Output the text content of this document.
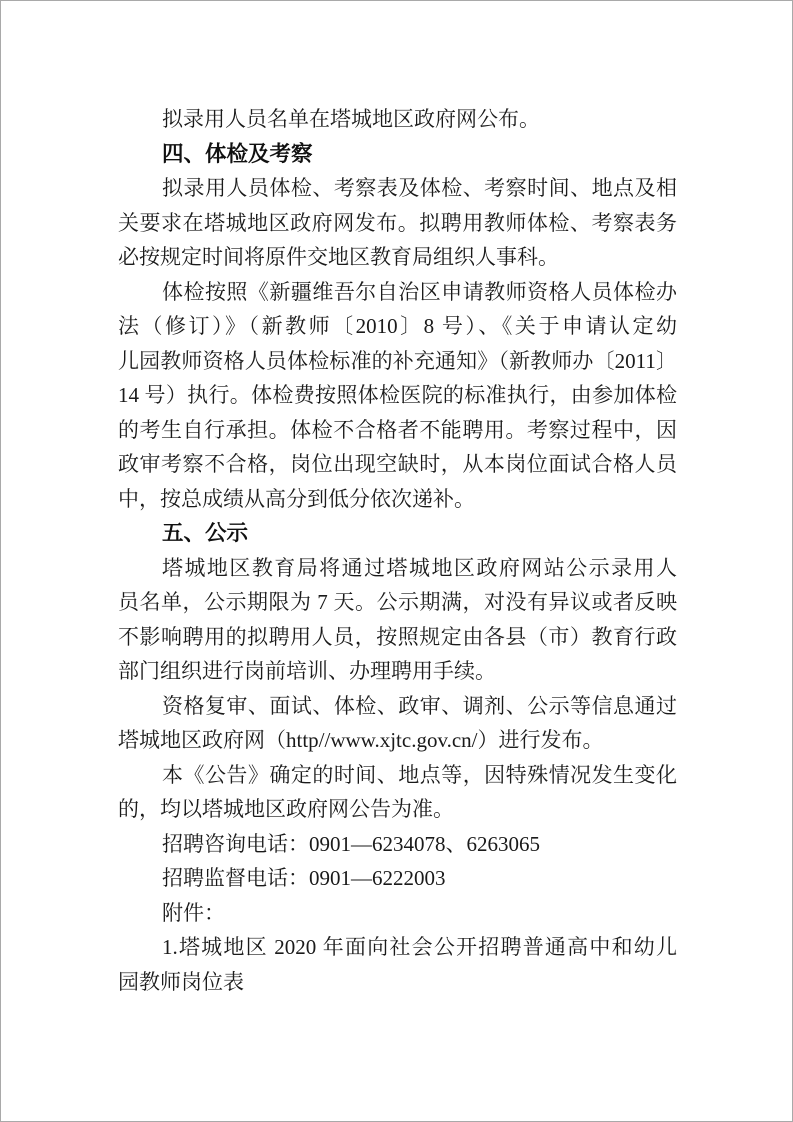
拟录用人员名单在塔城地区政府网公布。
四、体检及考察
拟录用人员体检、考察表及体检、考察时间、地点及相
关要求在塔城地区政府网发布。拟聘用教师体检、考察表务
必按规定时间将原件交地区教育局组织人事科。
体检按照《新疆维吾尔自治区申请教师资格人员体检办
法（修订）》（新教师〔2010〕8 号）、《关于申请认定幼
儿园教师资格人员体检标准的补充通知》（新教师办〔2011〕
14 号）执行。体检费按照体检医院的标准执行，由参加体检
的考生自行承担。体检不合格者不能聘用。考察过程中，因
政审考察不合格，岗位出现空缺时，从本岗位面试合格人员
中，按总成绩从高分到低分依次递补。
五、公示
塔城地区教育局将通过塔城地区政府网站公示录用人
员名单，公示期限为 7 天。公示期满，对没有异议或者反映
不影响聘用的拟聘用人员，按照规定由各县（市）教育行政
部门组织进行岗前培训、办理聘用手续。
资格复审、面试、体检、政审、调剂、公示等信息通过
塔城地区政府网（http//www.xjtc.gov.cn/）进行发布。
本《公告》确定的时间、地点等，因特殊情况发生变化
的，均以塔城地区政府网公告为准。
招聘咨询电话：0901—6234078、6263065
招聘监督电话：0901—6222003
附件：
1.塔城地区 2020 年面向社会公开招聘普通高中和幼儿
园教师岗位表
